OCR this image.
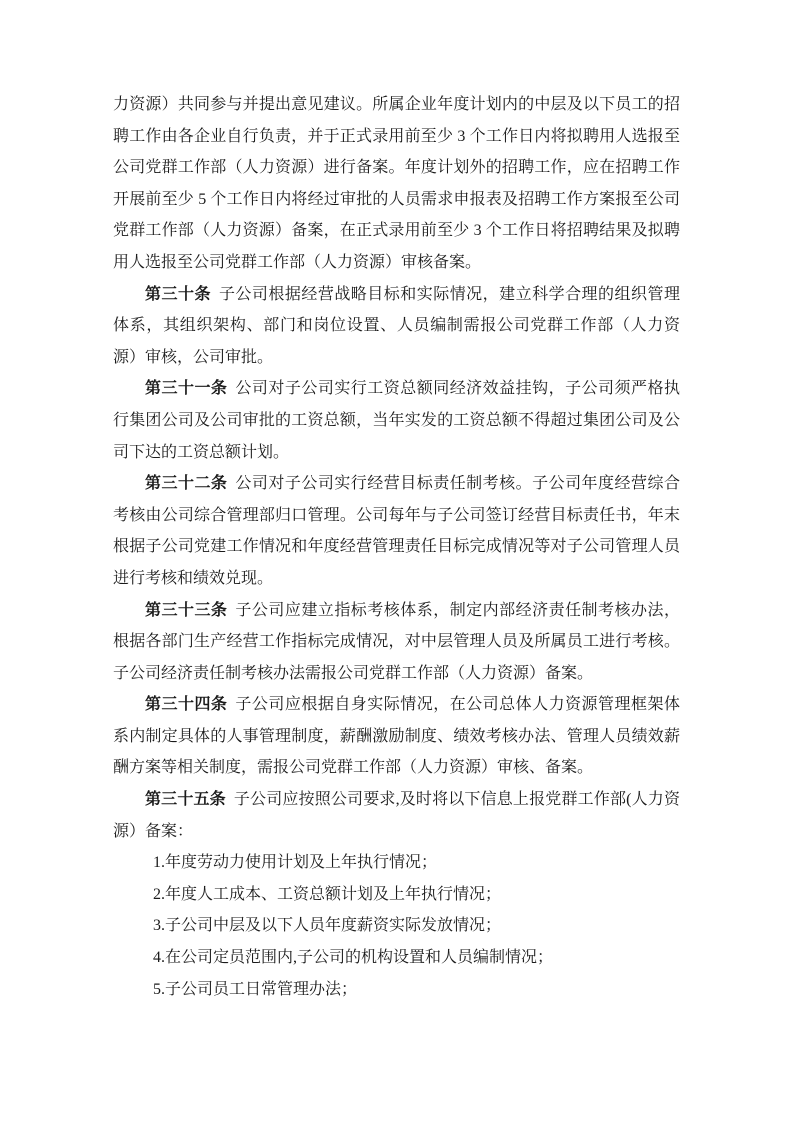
力资源）共同参与并提出意见建议。所属企业年度计划内的中层及以下员工的招聘工作由各企业自行负责，并于正式录用前至少 3 个工作日内将拟聘用人选报至公司党群工作部（人力资源）进行备案。年度计划外的招聘工作，应在招聘工作开展前至少 5 个工作日内将经过审批的人员需求申报表及招聘工作方案报至公司党群工作部（人力资源）备案，在正式录用前至少 3 个工作日将招聘结果及拟聘用人选报至公司党群工作部（人力资源）审核备案。

第三十条 子公司根据经营战略目标和实际情况，建立科学合理的组织管理体系，其组织架构、部门和岗位设置、人员编制需报公司党群工作部（人力资源）审核，公司审批。

第三十一条 公司对子公司实行工资总额同经济效益挂钩，子公司须严格执行集团公司及公司审批的工资总额，当年实发的工资总额不得超过集团公司及公司下达的工资总额计划。

第三十二条 公司对子公司实行经营目标责任制考核。子公司年度经营综合考核由公司综合管理部归口管理。公司每年与子公司签订经营目标责任书，年末根据子公司党建工作情况和年度经营管理责任目标完成情况等对子公司管理人员进行考核和绩效兑现。

第三十三条 子公司应建立指标考核体系，制定内部经济责任制考核办法，根据各部门生产经营工作指标完成情况，对中层管理人员及所属员工进行考核。子公司经济责任制考核办法需报公司党群工作部（人力资源）备案。

第三十四条 子公司应根据自身实际情况，在公司总体人力资源管理框架体系内制定具体的人事管理制度，薪酬激励制度、绩效考核办法、管理人员绩效薪酬方案等相关制度，需报公司党群工作部（人力资源）审核、备案。

第三十五条 子公司应按照公司要求,及时将以下信息上报党群工作部(人力资源）备案：

1.年度劳动力使用计划及上年执行情况；

2.年度人工成本、工资总额计划及上年执行情况；

3.子公司中层及以下人员年度薪资实际发放情况；

4.在公司定员范围内,子公司的机构设置和人员编制情况；

5.子公司员工日常管理办法；
